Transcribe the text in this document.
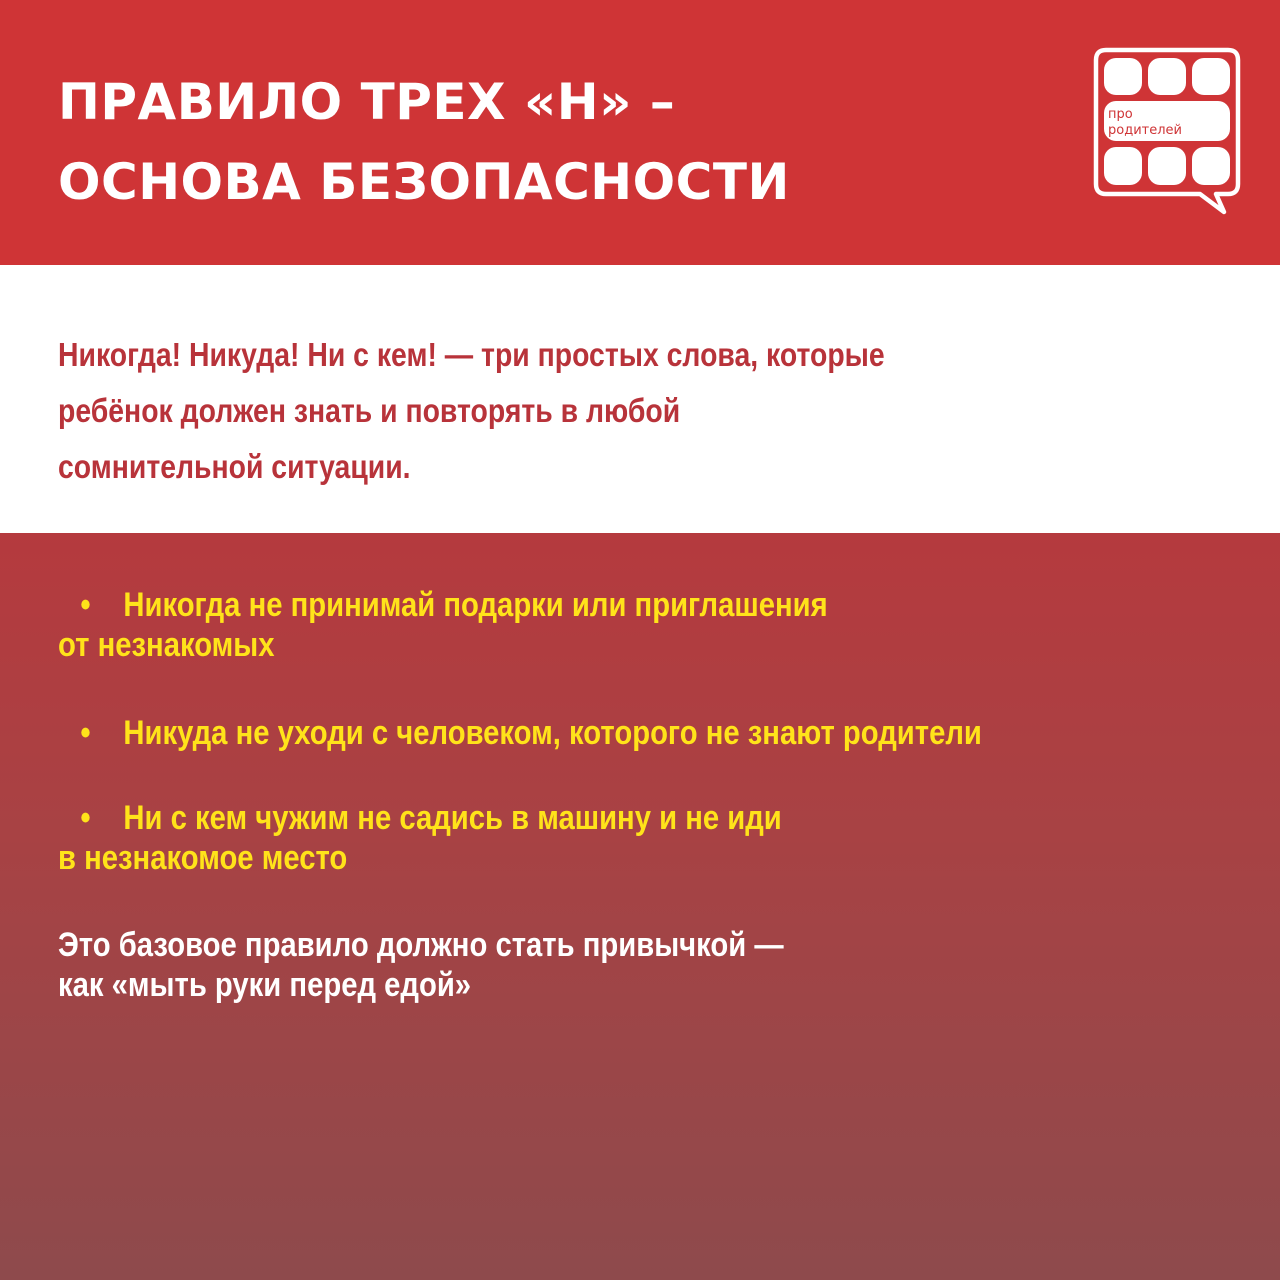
ПРАВИЛО ТРЕХ «Н» –
ОСНОВА БЕЗОПАСНОСТИ
про
родителей

Никогда! Никуда! Ни с кем! — три простых слова, которые
ребёнок должен знать и повторять в любой
сомнительной ситуации.

• Никогда не принимай подарки или приглашения
от незнакомых
• Никуда не уходи с человеком, которого не знают родители
• Ни с кем чужим не садись в машину и не иди
в незнакомое место

Это базовое правило должно стать привычкой —
как «мыть руки перед едой»
